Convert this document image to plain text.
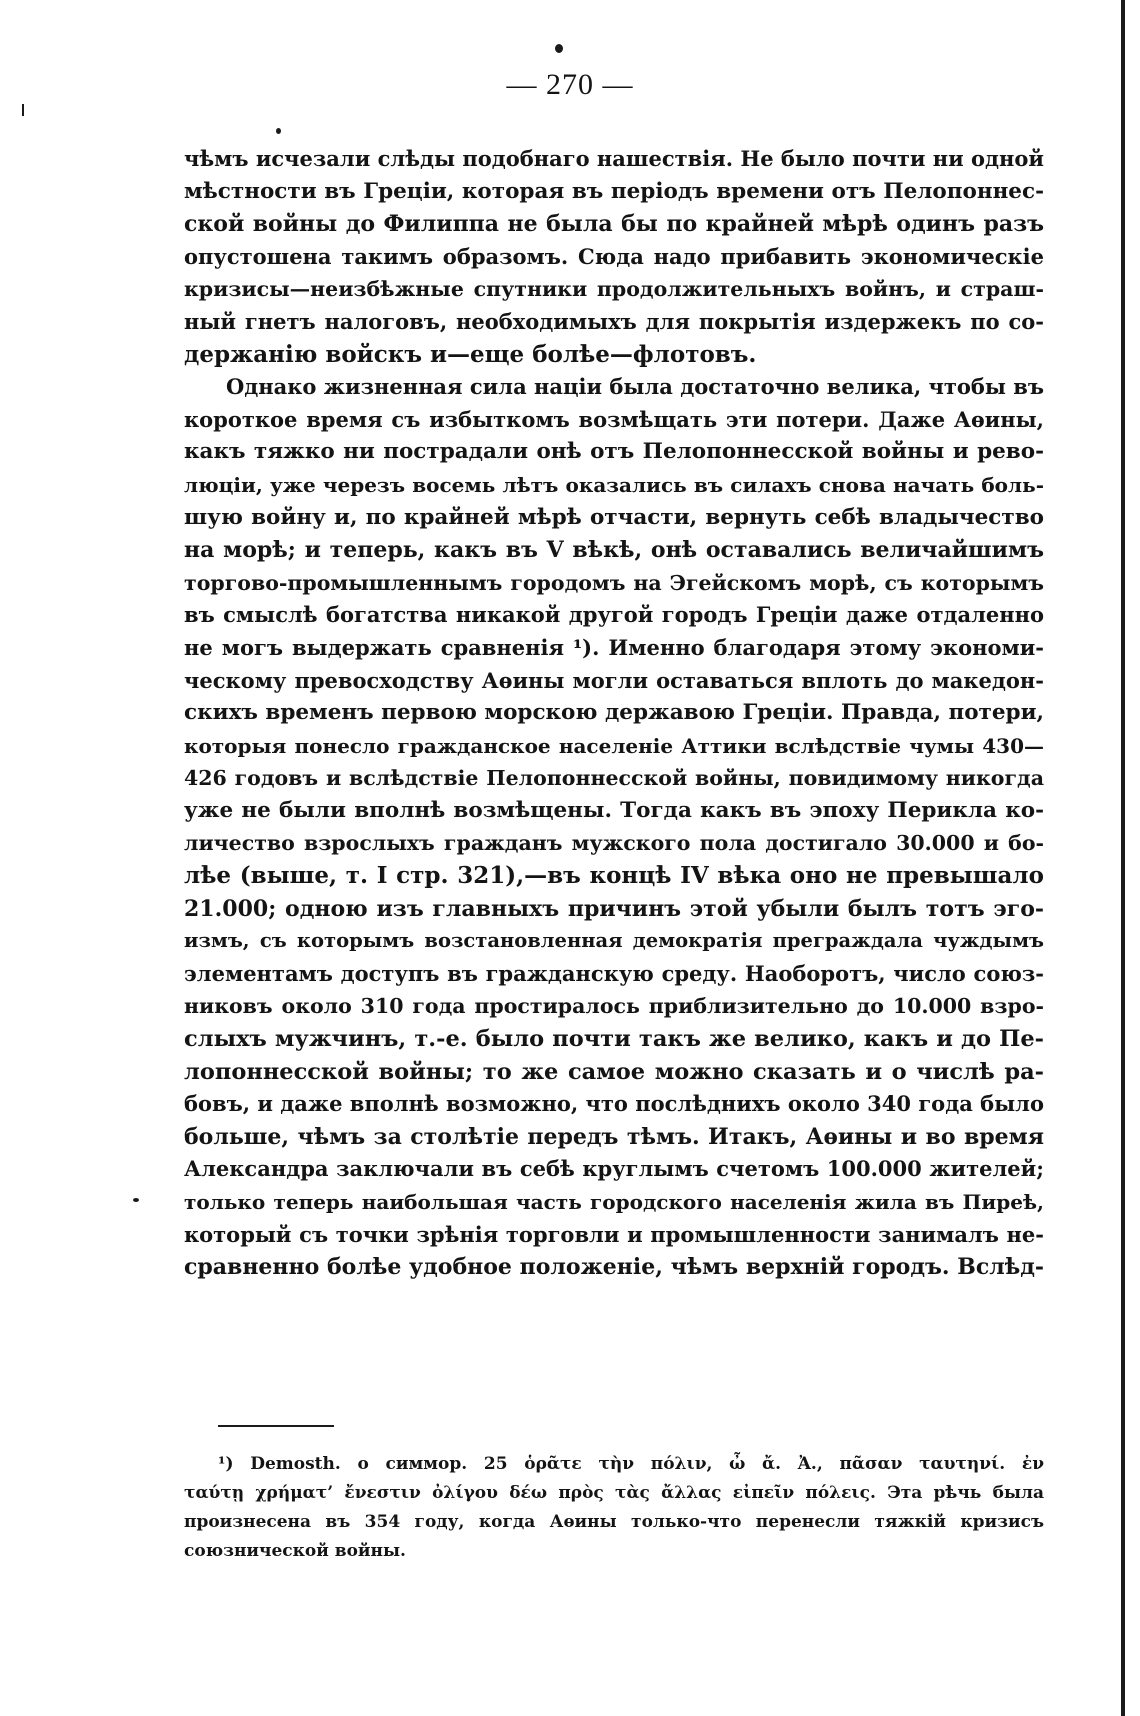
— 270 —
чѣмъ исчезали слѣды подобнаго нашествія. Не было почти ни одной
мѣстности въ Греціи, которая въ періодъ времени отъ Пелопоннес-
ской войны до Филиппа не была бы по крайней мѣрѣ одинъ разъ
опустошена такимъ образомъ. Сюда надо прибавить экономическіе
кризисы—неизбѣжные спутники продолжительныхъ войнъ, и страш-
ный гнетъ налоговъ, необходимыхъ для покрытія издержекъ по со-
держанію войскъ и—еще болѣе—флотовъ.
Однако жизненная сила націи была достаточно велика, чтобы въ
короткое время съ избыткомъ возмѣщать эти потери. Даже Аѳины,
какъ тяжко ни пострадали онѣ отъ Пелопоннесской войны и рево-
люціи, уже черезъ восемь лѣтъ оказались въ силахъ снова начать боль-
шую войну и, по крайней мѣрѣ отчасти, вернуть себѣ владычество
на морѣ; и теперь, какъ въ V вѣкѣ, онѣ оставались величайшимъ
торгово-промышленнымъ городомъ на Эгейскомъ морѣ, съ которымъ
въ смыслѣ богатства никакой другой городъ Греціи даже отдаленно
не могъ выдержать сравненія ¹). Именно благодаря этому экономи-
ческому превосходству Аѳины могли оставаться вплоть до македон-
скихъ временъ первою морскою державою Греціи. Правда, потери,
которыя понесло гражданское населеніе Аттики вслѣдствіе чумы 430—
426 годовъ и вслѣдствіе Пелопоннесской войны, повидимому никогда
уже не были вполнѣ возмѣщены. Тогда какъ въ эпоху Перикла ко-
личество взрослыхъ гражданъ мужского пола достигало 30.000 и бо-
лѣе (выше, т. I стр. 321),—въ концѣ IV вѣка оно не превышало
21.000; одною изъ главныхъ причинъ этой убыли былъ тотъ эго-
измъ, съ которымъ возстановленная демократія преграждала чуждымъ
элементамъ доступъ въ гражданскую среду. Наоборотъ, число союз-
никовъ около 310 года простиралось приблизительно до 10.000 взро-
слыхъ мужчинъ, т.-е. было почти такъ же велико, какъ и до Пе-
лопоннесской войны; то же самое можно сказать и о числѣ ра-
бовъ, и даже вполнѣ возможно, что послѣднихъ около 340 года было
больше, чѣмъ за столѣтіе передъ тѣмъ. Итакъ, Аѳины и во время
Александра заключали въ себѣ круглымъ счетомъ 100.000 жителей;
только теперь наибольшая часть городского населенія жила въ Пиреѣ,
который съ точки зрѣнія торговли и промышленности занималъ не-
сравненно болѣе удобное положеніе, чѣмъ верхній городъ. Вслѣд-
¹) Demosth. о симмор. 25 ὁρᾶτε τὴν πόλιν, ὦ ἄ. Ἀ., πᾶσαν ταυτηνί. ἐν
ταύτῃ χρήματ’ ἔνεστιν ὀλίγου δέω πρὸς τὰς ἄλλας εἰπεῖν πόλεις. Эта рѣчь была
произнесена въ 354 году, когда Аѳины только-что перенесли тяжкій кризисъ
союзнической войны.
